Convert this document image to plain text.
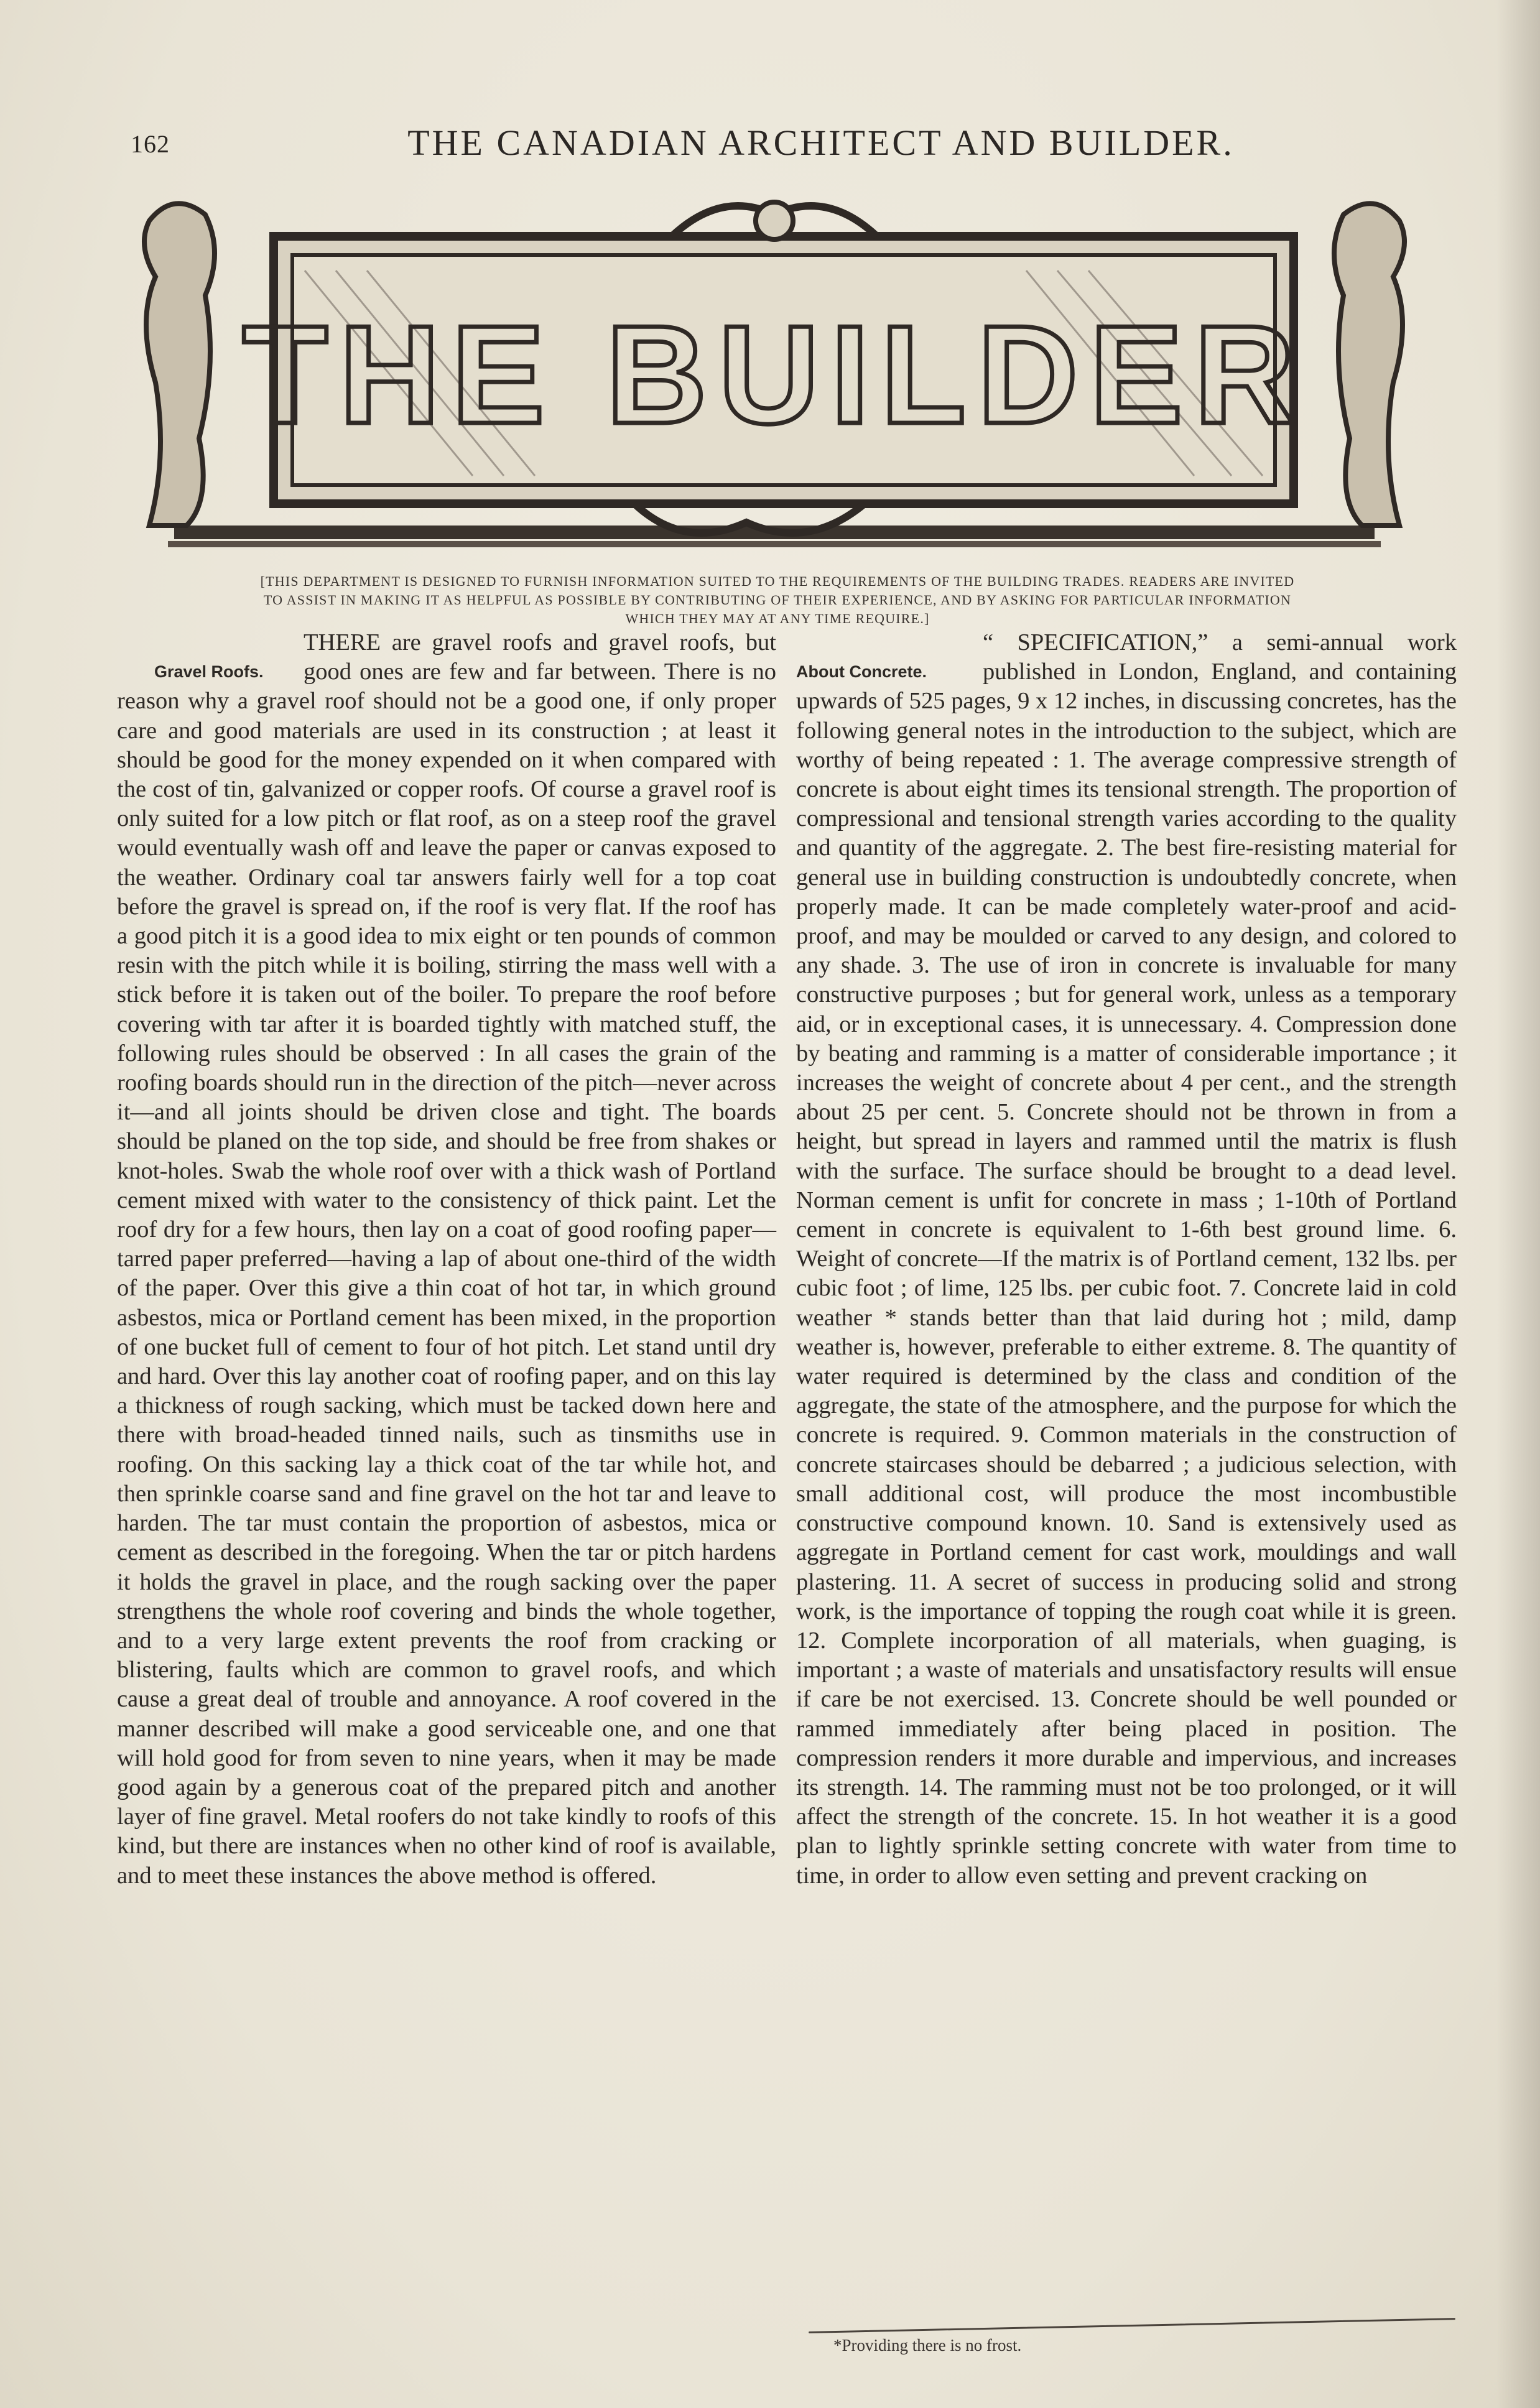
162	THE CANADIAN ARCHITECT AND BUILDER.
THE BUILDER
[THIS DEPARTMENT IS DESIGNED TO FURNISH INFORMATION SUITED TO THE REQUIREMENTS OF THE BUILDING TRADES. READERS ARE INVITED TO ASSIST IN MAKING IT AS HELPFUL AS POSSIBLE BY CONTRIBUTING OF THEIR EXPERIENCE, AND BY ASKING FOR PARTICULAR INFORMATION WHICH THEY MAY AT ANY TIME REQUIRE.]
Gravel Roofs.

THERE are gravel roofs and gravel roofs, but good ones are few and far between. There is no reason why a gravel roof should not be a good one, if only proper care and good materials are used in its construction ; at least it should be good for the money expended on it when compared with the cost of tin, galvanized or copper roofs. Of course a gravel roof is only suited for a low pitch or flat roof, as on a steep roof the gravel would eventually wash off and leave the paper or canvas exposed to the weather. Ordinary coal tar answers fairly well for a top coat before the gravel is spread on, if the roof is very flat. If the roof has a good pitch it is a good idea to mix eight or ten pounds of common resin with the pitch while it is boiling, stirring the mass well with a stick before it is taken out of the boiler. To prepare the roof before covering with tar after it is boarded tightly with matched stuff, the following rules should be observed : In all cases the grain of the roofing boards should run in the direction of the pitch—never across it—and all joints should be driven close and tight. The boards should be planed on the top side, and should be free from shakes or knot-holes. Swab the whole roof over with a thick wash of Portland cement mixed with water to the consistency of thick paint. Let the roof dry for a few hours, then lay on a coat of good roofing paper—tarred paper preferred—having a lap of about one-third of the width of the paper. Over this give a thin coat of hot tar, in which ground asbestos, mica or Portland cement has been mixed, in the proportion of one bucket full of cement to four of hot pitch. Let stand until dry and hard. Over this lay another coat of roofing paper, and on this lay a thickness of rough sacking, which must be tacked down here and there with broad-headed tinned nails, such as tinsmiths use in roofing. On this sacking lay a thick coat of the tar while hot, and then sprinkle coarse sand and fine gravel on the hot tar and leave to harden. The tar must contain the proportion of asbestos, mica or cement as described in the foregoing. When the tar or pitch hardens it holds the gravel in place, and the rough sacking over the paper strengthens the whole roof covering and binds the whole together, and to a very large extent prevents the roof from cracking or blistering, faults which are common to gravel roofs, and which cause a great deal of trouble and annoyance. A roof covered in the manner described will make a good serviceable one, and one that will hold good for from seven to nine years, when it may be made good again by a generous coat of the prepared pitch and another layer of fine gravel. Metal roofers do not take kindly to roofs of this kind, but there are instances when no other kind of roof is available, and to meet these instances the above method is offered.

About Concrete.

“ SPECIFICATION,” a semi-annual work published in London, England, and containing upwards of 525 pages, 9 x 12 inches, in discussing concretes, has the following general notes in the introduction to the subject, which are worthy of being repeated : 1. The average compressive strength of concrete is about eight times its tensional strength. The proportion of compressional and tensional strength varies according to the quality and quantity of the aggregate. 2. The best fire-resisting material for general use in building construction is undoubtedly concrete, when properly made. It can be made completely water-proof and acid-proof, and may be moulded or carved to any design, and colored to any shade. 3. The use of iron in concrete is invaluable for many constructive purposes ; but for general work, unless as a temporary aid, or in exceptional cases, it is unnecessary. 4. Compression done by beating and ramming is a matter of considerable importance ; it increases the weight of concrete about 4 per cent., and the strength about 25 per cent. 5. Concrete should not be thrown in from a height, but spread in layers and rammed until the matrix is flush with the surface. The surface should be brought to a dead level. Norman cement is unfit for concrete in mass ; 1-10th of Portland cement in concrete is equivalent to 1-6th best ground lime. 6. Weight of concrete—If the matrix is of Portland cement, 132 lbs. per cubic foot ; of lime, 125 lbs. per cubic foot. 7. Concrete laid in cold weather * stands better than that laid during hot ; mild, damp weather is, however, preferable to either extreme. 8. The quantity of water required is determined by the class and condition of the aggregate, the state of the atmosphere, and the purpose for which the concrete is required. 9. Common materials in the construction of concrete staircases should be debarred ; a judicious selection, with small additional cost, will produce the most incombustible constructive compound known. 10. Sand is extensively used as aggregate in Portland cement for cast work, mouldings and wall plastering. 11. A secret of success in producing solid and strong work, is the importance of topping the rough coat while it is green. 12. Complete incorporation of all materials, when guaging, is important ; a waste of materials and unsatisfactory results will ensue if care be not exercised. 13. Concrete should be well pounded or rammed immediately after being placed in position. The compression renders it more durable and impervious, and increases its strength. 14. The ramming must not be too prolonged, or it will affect the strength of the concrete. 15. In hot weather it is a good plan to lightly sprinkle setting concrete with water from time to time, in order to allow even setting and prevent cracking on

*Providing there is no frost.
